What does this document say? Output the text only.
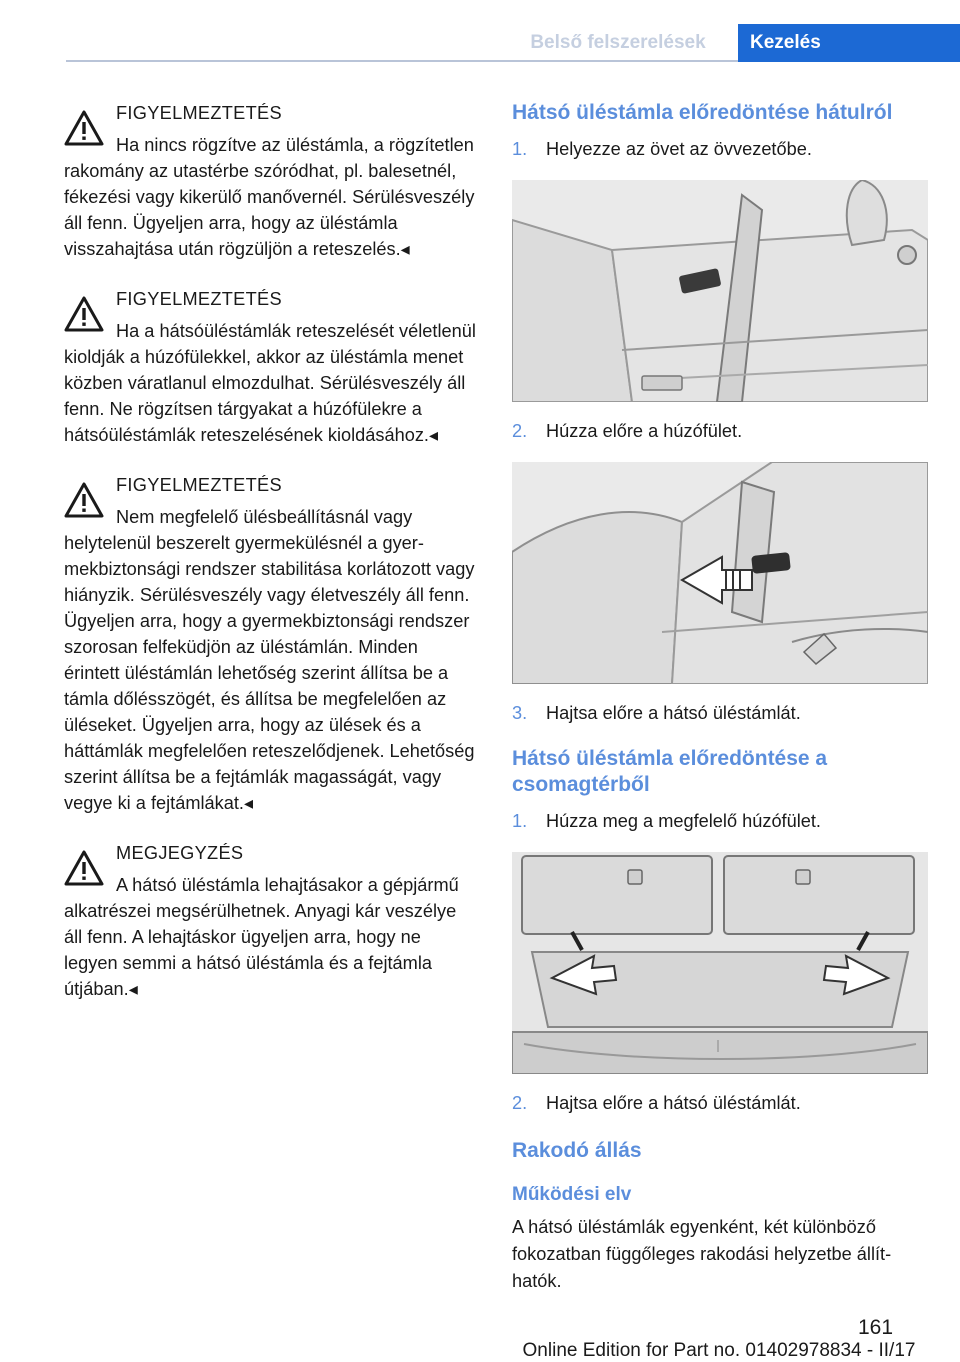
Belső felszerelések	Kezelés
FIGYELMEZTETÉS
Ha nincs rögzítve az üléstámla, a rögzítetlen rakomány az utastérbe szóródhat, pl. balesetnél, fékezési vagy kikerülő manővernél. Sérülésveszély áll fenn. Ügyeljen arra, hogy az üléstámla visszahajtása után rögzüljön a reteszelés.◂
FIGYELMEZTETÉS
Ha a hátsóüléstámlák reteszelését véletlenül kioldják a húzófülekkel, akkor az üléstámla menet közben váratlanul elmozdulhat. Sérülésveszély áll fenn. Ne rögzítsen tárgyakat a húzófülekre a hátsóüléstámlák reteszelésének kioldásához.◂
FIGYELMEZTETÉS
Nem megfelelő ülésbeállításnál vagy helytelenül beszerelt gyermekülésnél a gyermekbiztonsági rendszer stabilitása korlátozott vagy hiányzik. Sérülésveszély vagy életveszély áll fenn. Ügyeljen arra, hogy a gyermekbiztonsági rendszer szorosan felfeküdjön az üléstámlán. Minden érintett üléstámlán lehetőség szerint állítsa be a támla dőlésszögét, és állítsa be megfelelően az üléseket. Ügyeljen arra, hogy az ülések és a háttámlák megfelelően reteszelődjenek. Lehetőség szerint állítsa be a fejtámlák magasságát, vagy vegye ki a fejtámlákat.◂
MEGJEGYZÉS
A hátsó üléstámla lehajtásakor a gépjármű alkatrészei megsérülhetnek. Anyagi kár veszélye áll fenn. A lehajtáskor ügyeljen arra, hogy ne legyen semmi a hátsó üléstámla és a fejtámla útjában.◂
Hátsó üléstámla előredöntése hátulról
1. Helyezze az övet az övvezetőbe.
2. Húzza előre a húzófület.
3. Hajtsa előre a hátsó üléstámlát.
Hátsó üléstámla előredöntése a csomagtérből
1. Húzza meg a megfelelő húzófület.
2. Hajtsa előre a hátsó üléstámlát.
Rakodó állás
Működési elv

A hátsó üléstámlák egyenként, két különböző fokozatban függőleges rakodási helyzetbe állíthatók.

161
Online Edition for Part no. 01402978834 - II/17
